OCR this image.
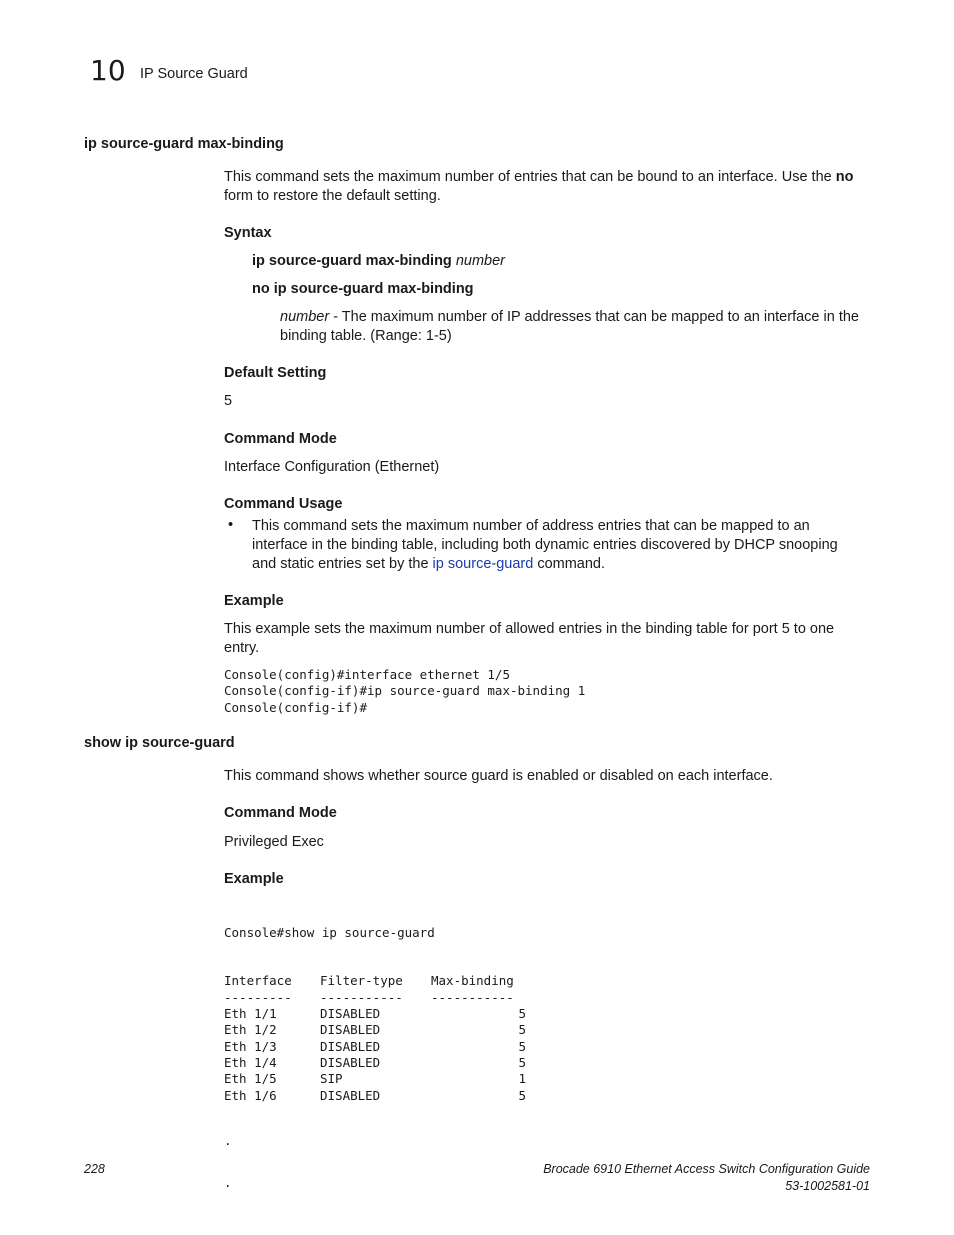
10 IP Source Guard
ip source-guard max-binding
This command sets the maximum number of entries that can be bound to an interface. Use the no
form to restore the default setting.
Syntax
ip source-guard max-binding number
no ip source-guard max-binding
number - The maximum number of IP addresses that can be mapped to an interface in the binding table. (Range: 1-5)
Default Setting
5
Command Mode
Interface Configuration (Ethernet)
Command Usage
• This command sets the maximum number of address entries that can be mapped to an interface in the binding table, including both dynamic entries discovered by DHCP snooping and static entries set by the ip source-guard command.
Example
This example sets the maximum number of allowed entries in the binding table for port 5 to one entry.
Console(config)#interface ethernet 1/5
Console(config-if)#ip source-guard max-binding 1
Console(config-if)#
show ip source-guard
This command shows whether source guard is enabled or disabled on each interface.
Command Mode
Privileged Exec
Example

Console#show ip source-guard

Interface	Filter-type	Max-binding
---------	-----------	-----------
Eth 1/1	DISABLED	5
Eth 1/2	DISABLED	5
Eth 1/3	DISABLED	5
Eth 1/4	DISABLED	5
Eth 1/5	SIP	1
Eth 1/6	DISABLED	5

.

.

228	Brocade 6910 Ethernet Access Switch Configuration Guide
53-1002581-01
